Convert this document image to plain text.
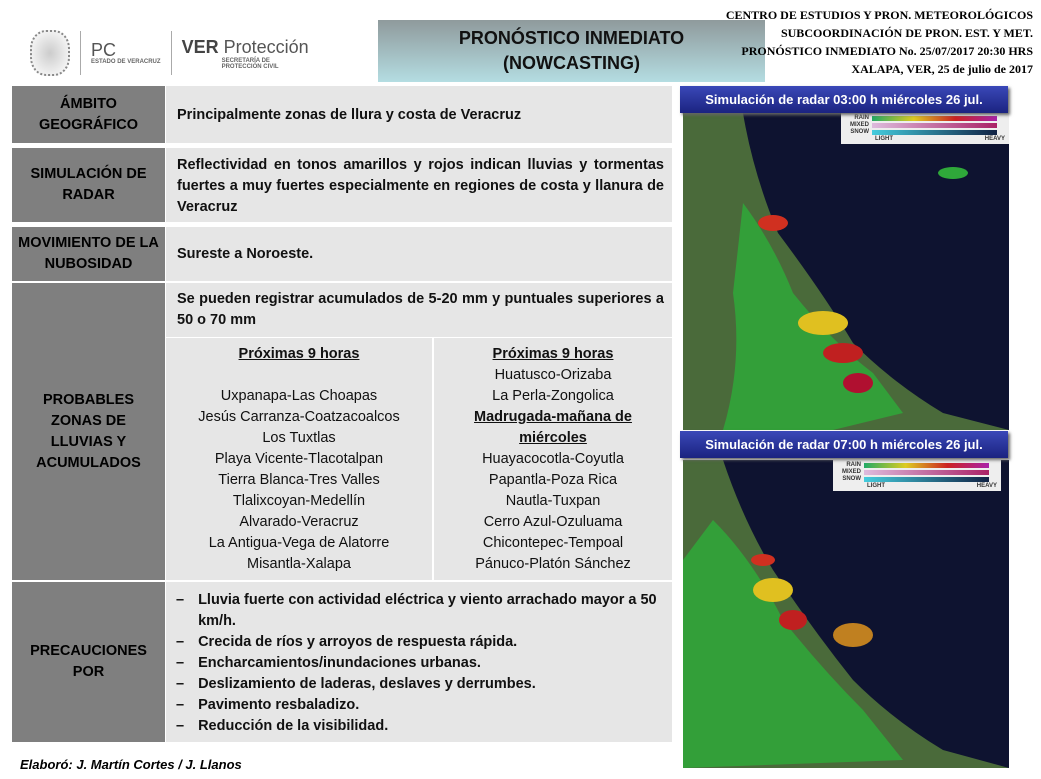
PC
ESTADO DE VERACRUZ
VER Protección
SECRETARÍA DE
PROTECCIÓN CIVIL
PRONÓSTICO INMEDIATO
(NOWCASTING)
CENTRO DE ESTUDIOS Y PRON. METEOROLÓGICOS
SUBCOORDINACIÓN DE PRON. EST. Y MET.
PRONÓSTICO INMEDIATO No. 25/07/2017 20:30 HRS
XALAPA, VER, 25 de julio de 2017
ÁMBITO GEOGRÁFICO
Principalmente zonas de llura y costa de Veracruz
SIMULACIÓN DE RADAR
Reflectividad en tonos amarillos y rojos indican lluvias y tormentas fuertes a muy fuertes especialmente en regiones de costa y llanura de Veracruz
MOVIMIENTO DE LA NUBOSIDAD
Sureste a Noroeste.
PROBABLES ZONAS DE LLUVIAS Y ACUMULADOS
Se pueden registrar acumulados de 5-20 mm y puntuales superiores a 50 o 70 mm
Próximas 9 horas

Uxpanapa-Las Choapas
Jesús Carranza-Coatzacoalcos
Los Tuxtlas
Playa Vicente-Tlacotalpan
Tierra Blanca-Tres Valles
Tlalixcoyan-Medellín
Alvarado-Veracruz
La Antigua-Vega de Alatorre
Misantla-Xalapa
Próximas 9 horas
Huatusco-Orizaba
La Perla-Zongolica
Madrugada-mañana de miércoles
Huayacocotla-Coyutla
Papantla-Poza Rica
Nautla-Tuxpan
Cerro Azul-Ozuluama
Chicontepec-Tempoal
Pánuco-Platón Sánchez
PRECAUCIONES POR
– Lluvia fuerte con actividad eléctrica y viento arrachado mayor a 50 km/h.
– Crecida de ríos y arroyos de respuesta rápida.
– Encharcamientos/inundaciones urbanas.
– Deslizamiento de laderas, deslaves y derrumbes.
– Pavimento resbaladizo.
– Reducción de la visibilidad.
RAIN
MIXED
SNOW
LIGHT	HEAVY
Simulación de radar 03:00 h miércoles 26 jul.
RAIN
MIXED
SNOW
LIGHT	HEAVY
Simulación de radar 07:00 h miércoles 26 jul.
Elaboró: J. Martín Cortes / J. Llanos
